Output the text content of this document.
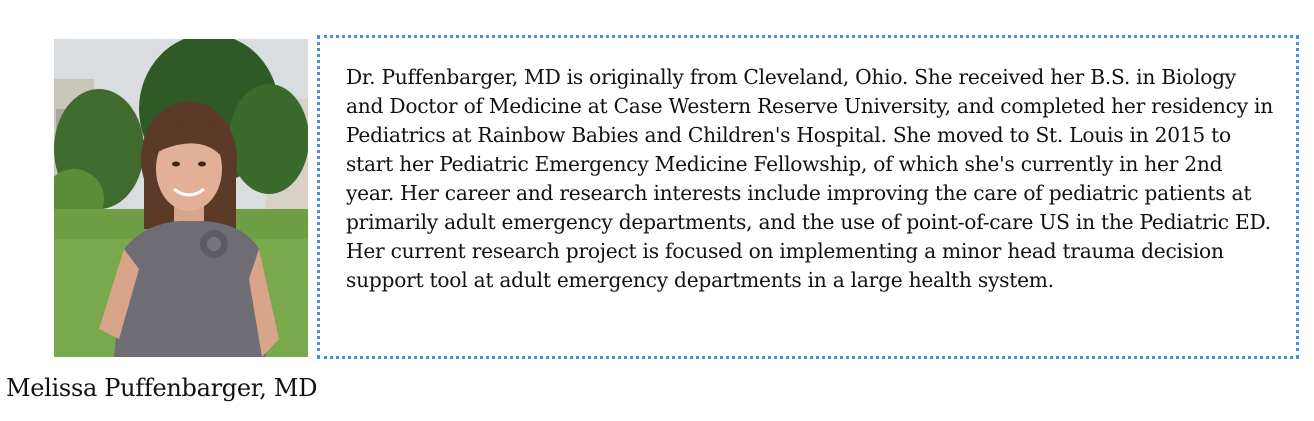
Dr. Puffenbarger, MD is originally from Cleveland, Ohio. She received her B.S. in Biology and Doctor of Medicine at Case Western Reserve University, and completed her residency in Pediatrics at Rainbow Babies and Children's Hospital. She moved to St. Louis in 2015 to start her Pediatric Emergency Medicine Fellowship, of which she's currently in her 2nd year. Her career and research interests include improving the care of pediatric patients at primarily adult emergency departments, and the use of point-of-care US in the Pediatric ED. Her current research project is focused on implementing a minor head trauma decision support tool at adult emergency departments in a large health system.

Melissa Puffenbarger, MD
